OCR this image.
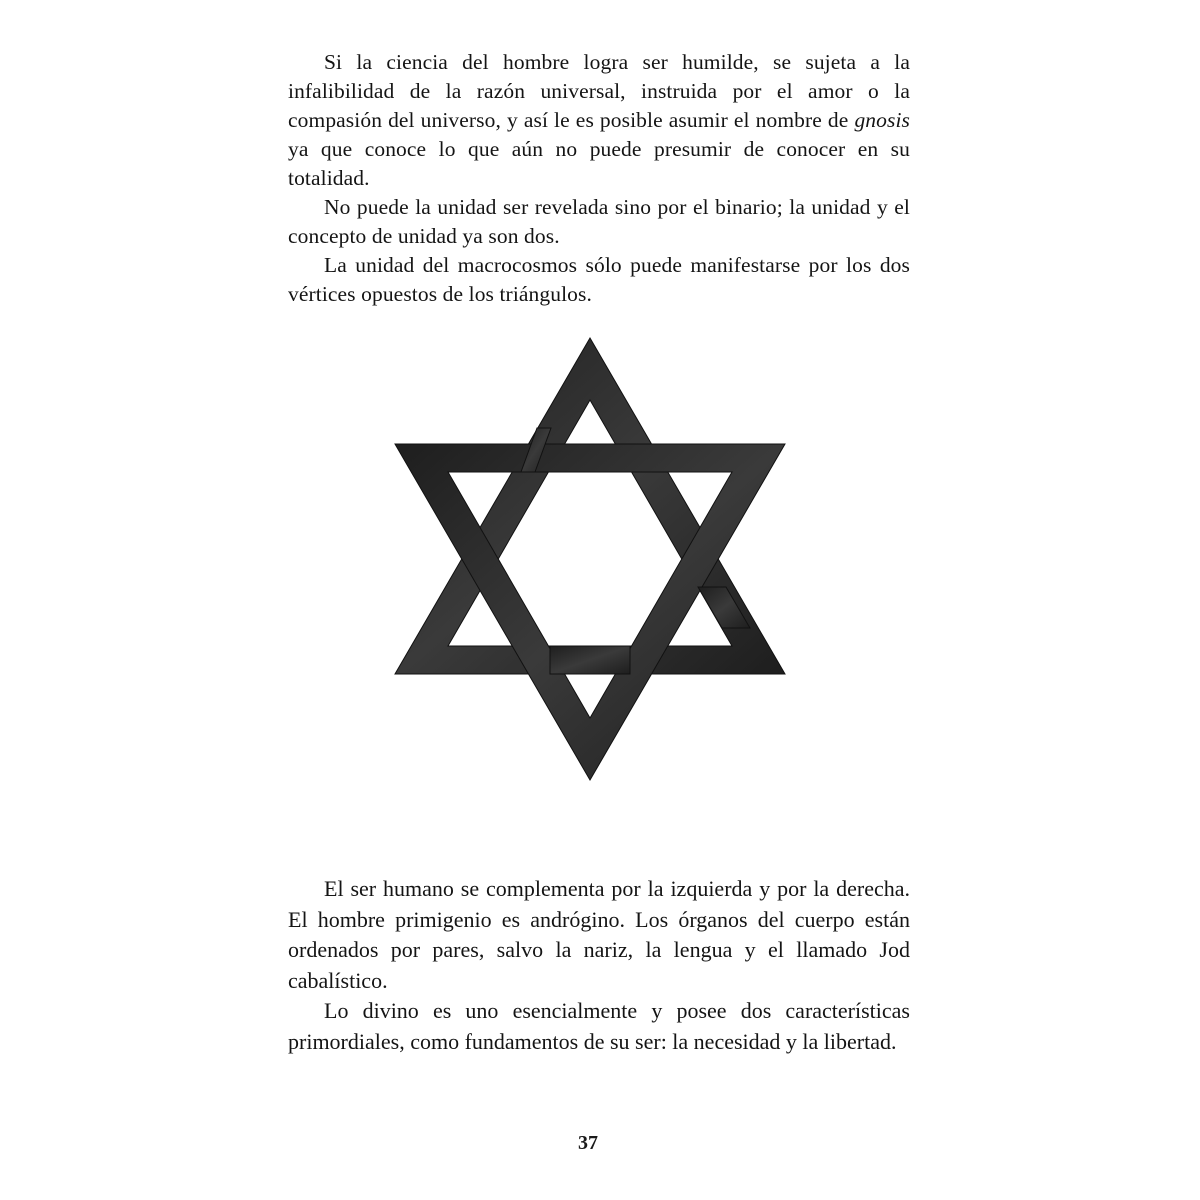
Si la ciencia del hombre logra ser humilde, se sujeta a la infalibilidad de la razón universal, instruida por el amor o la compasión del universo, y así le es posible asumir el nombre de gnosis ya que conoce lo que aún no puede presumir de conocer en su totalidad.

No puede la unidad ser revelada sino por el binario; la unidad y el concepto de unidad ya son dos.

La unidad del macrocosmos sólo puede manifestarse por los dos vértices opuestos de los triángulos.

El ser humano se complementa por la izquierda y por la derecha. El hombre primigenio es andrógino. Los órganos del cuerpo están ordenados por pares, salvo la nariz, la lengua y el llamado Jod cabalístico.

Lo divino es uno esencialmente y posee dos características primordiales, como fundamentos de su ser: la necesidad y la libertad.

37
